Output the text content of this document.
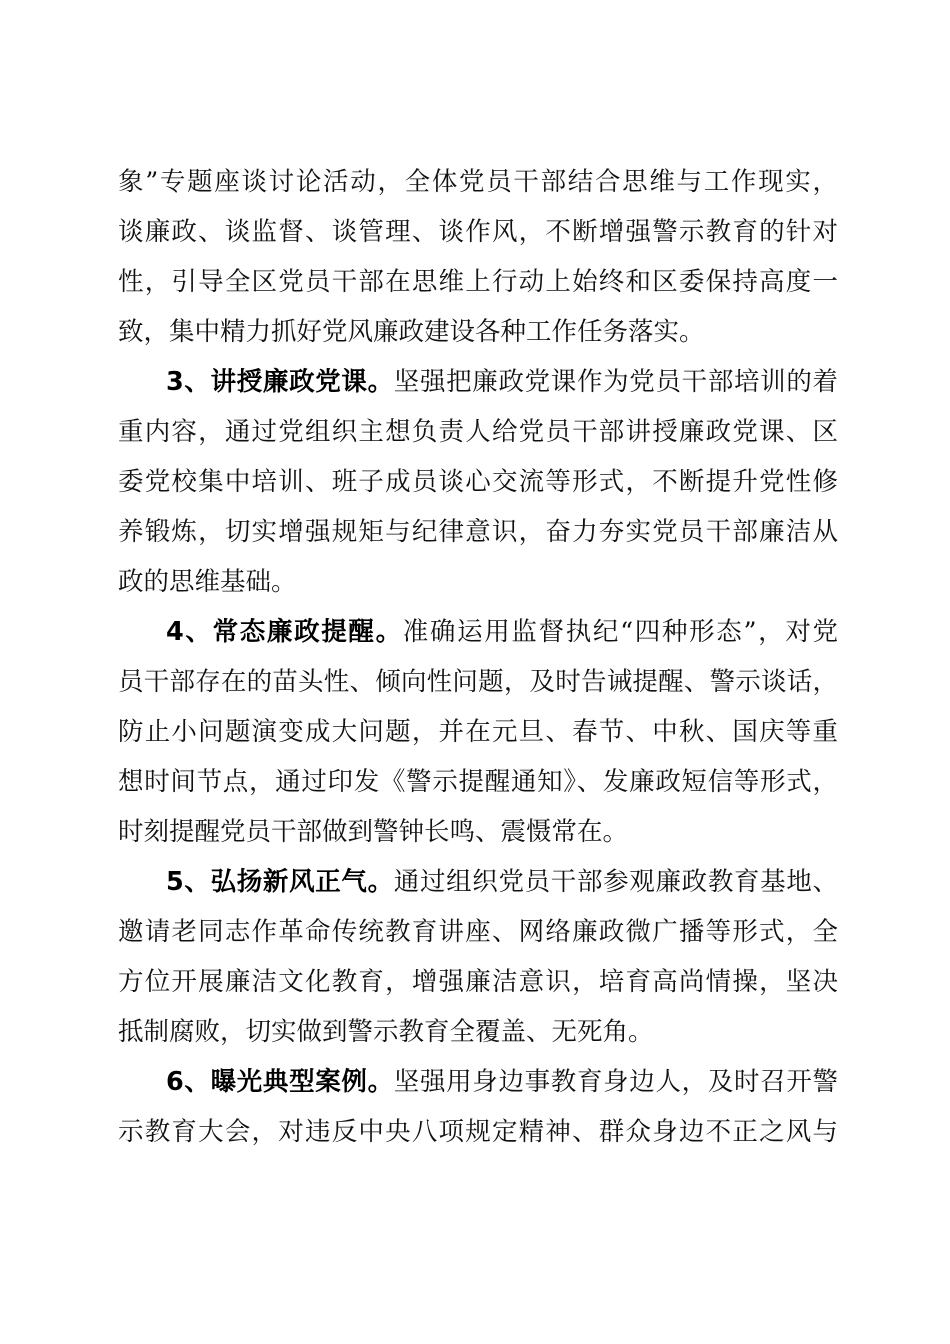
象”专题座谈讨论活动，全体党员干部结合思维与工作现实，
谈廉政、谈监督、谈管理、谈作风，不断增强警示教育的针对
性，引导全区党员干部在思维上行动上始终和区委保持高度一
致，集中精力抓好党风廉政建设各种工作任务落实。
3、讲授廉政党课。坚强把廉政党课作为党员干部培训的着
重内容，通过党组织主想负责人给党员干部讲授廉政党课、区
委党校集中培训、班子成员谈心交流等形式，不断提升党性修
养锻炼，切实增强规矩与纪律意识，奋力夯实党员干部廉洁从
政的思维基础。
4、常态廉政提醒。准确运用监督执纪“四种形态”，对党
员干部存在的苗头性、倾向性问题，及时告诫提醒、警示谈话，
防止小问题演变成大问题，并在元旦、春节、中秋、国庆等重
想时间节点，通过印发《警示提醒通知》、发廉政短信等形式，
时刻提醒党员干部做到警钟长鸣、震慑常在。
5、弘扬新风正气。通过组织党员干部参观廉政教育基地、
邀请老同志作革命传统教育讲座、网络廉政微广播等形式，全
方位开展廉洁文化教育，增强廉洁意识，培育高尚情操，坚决
抵制腐败，切实做到警示教育全覆盖、无死角。
6、曝光典型案例。坚强用身边事教育身边人，及时召开警
示教育大会，对违反中央八项规定精神、群众身边不正之风与
